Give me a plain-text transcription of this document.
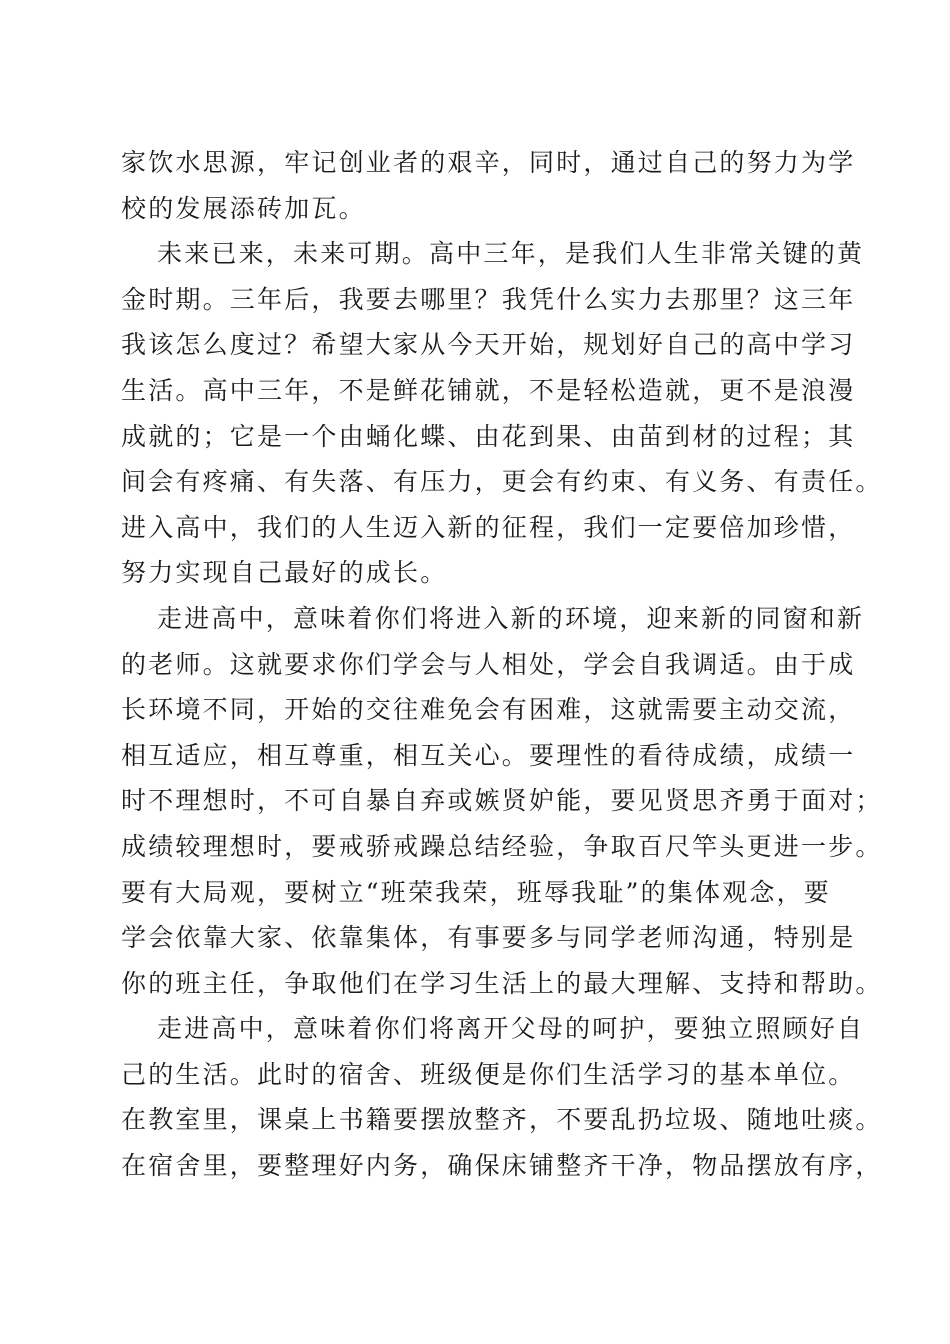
家饮水思源，牢记创业者的艰辛，同时，通过自己的努力为学
校的发展添砖加瓦。
未来已来，未来可期。高中三年，是我们人生非常关键的黄
金时期。三年后，我要去哪里？我凭什么实力去那里？这三年
我该怎么度过？希望大家从今天开始，规划好自己的高中学习
生活。高中三年，不是鲜花铺就，不是轻松造就，更不是浪漫
成就的；它是一个由蛹化蝶、由花到果、由苗到材的过程；其
间会有疼痛、有失落、有压力，更会有约束、有义务、有责任。
进入高中，我们的人生迈入新的征程，我们一定要倍加珍惜，
努力实现自己最好的成长。
走进高中，意味着你们将进入新的环境，迎来新的同窗和新
的老师。这就要求你们学会与人相处，学会自我调适。由于成
长环境不同，开始的交往难免会有困难，这就需要主动交流，
相互适应，相互尊重，相互关心。要理性的看待成绩，成绩一
时不理想时，不可自暴自弃或嫉贤妒能，要见贤思齐勇于面对；
成绩较理想时，要戒骄戒躁总结经验，争取百尺竿头更进一步。
要有大局观，要树立“班荣我荣，班辱我耻”的集体观念，要
学会依靠大家、依靠集体，有事要多与同学老师沟通，特别是
你的班主任，争取他们在学习生活上的最大理解、支持和帮助。
走进高中，意味着你们将离开父母的呵护，要独立照顾好自
己的生活。此时的宿舍、班级便是你们生活学习的基本单位。
在教室里，课桌上书籍要摆放整齐，不要乱扔垃圾、随地吐痰。
在宿舍里，要整理好内务，确保床铺整齐干净，物品摆放有序，
